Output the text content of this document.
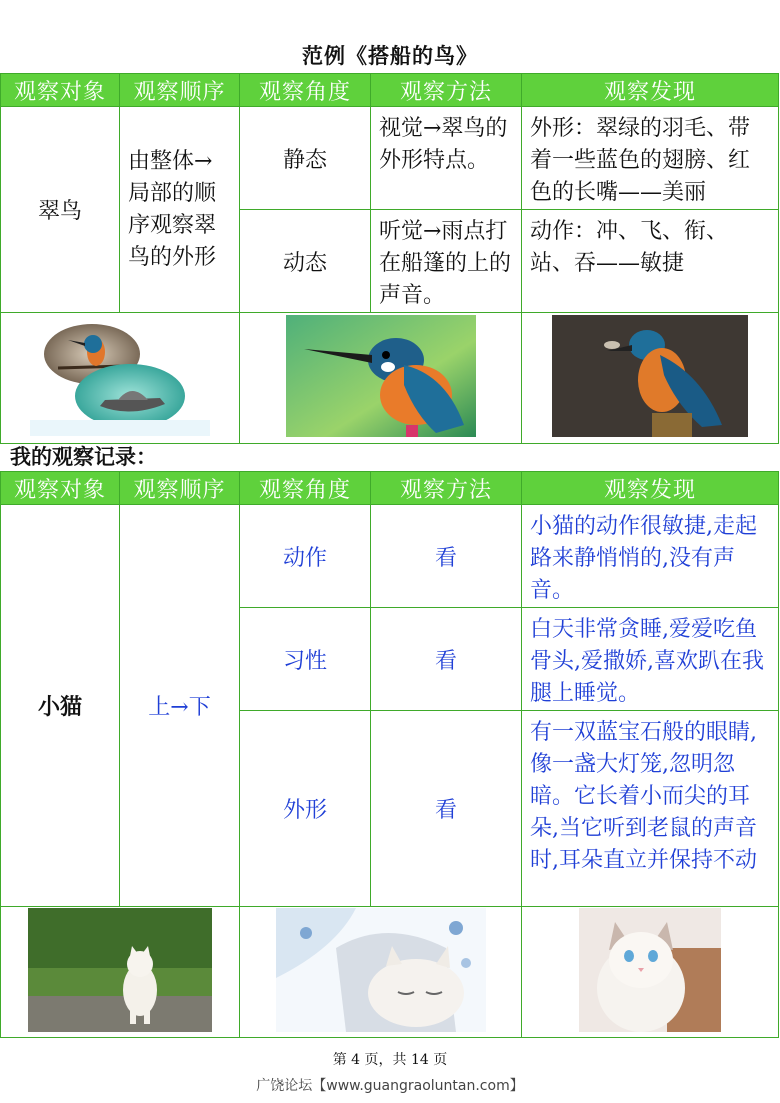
范例《搭船的鸟》
观察对象	观察顺序	观察角度	观察方法	观察发现
翠鸟	由整体→局部的顺序观察翠鸟的外形	静态	视觉→翠鸟的外形特点。	外形：翠绿的羽毛、带着一些蓝色的翅膀、红色的长嘴——美丽
		动态	听觉→雨点打在船篷的上的声音。	动作：冲、飞、衔、站、吞——敏捷

我的观察记录：
观察对象	观察顺序	观察角度	观察方法	观察发现
小猫	上→下	动作	看	小猫的动作很敏捷,走起路来静悄悄的,没有声音。
		习性	看	白天非常贪睡,爱爱吃鱼骨头,爱撒娇,喜欢趴在我腿上睡觉。
		外形	看	有一双蓝宝石般的眼睛,像一盏大灯笼,忽明忽暗。它长着小而尖的耳朵,当它听到老鼠的声音时,耳朵直立并保持不动

第 4 页，共 14 页
广饶论坛【www.guangraoluntan.com】
